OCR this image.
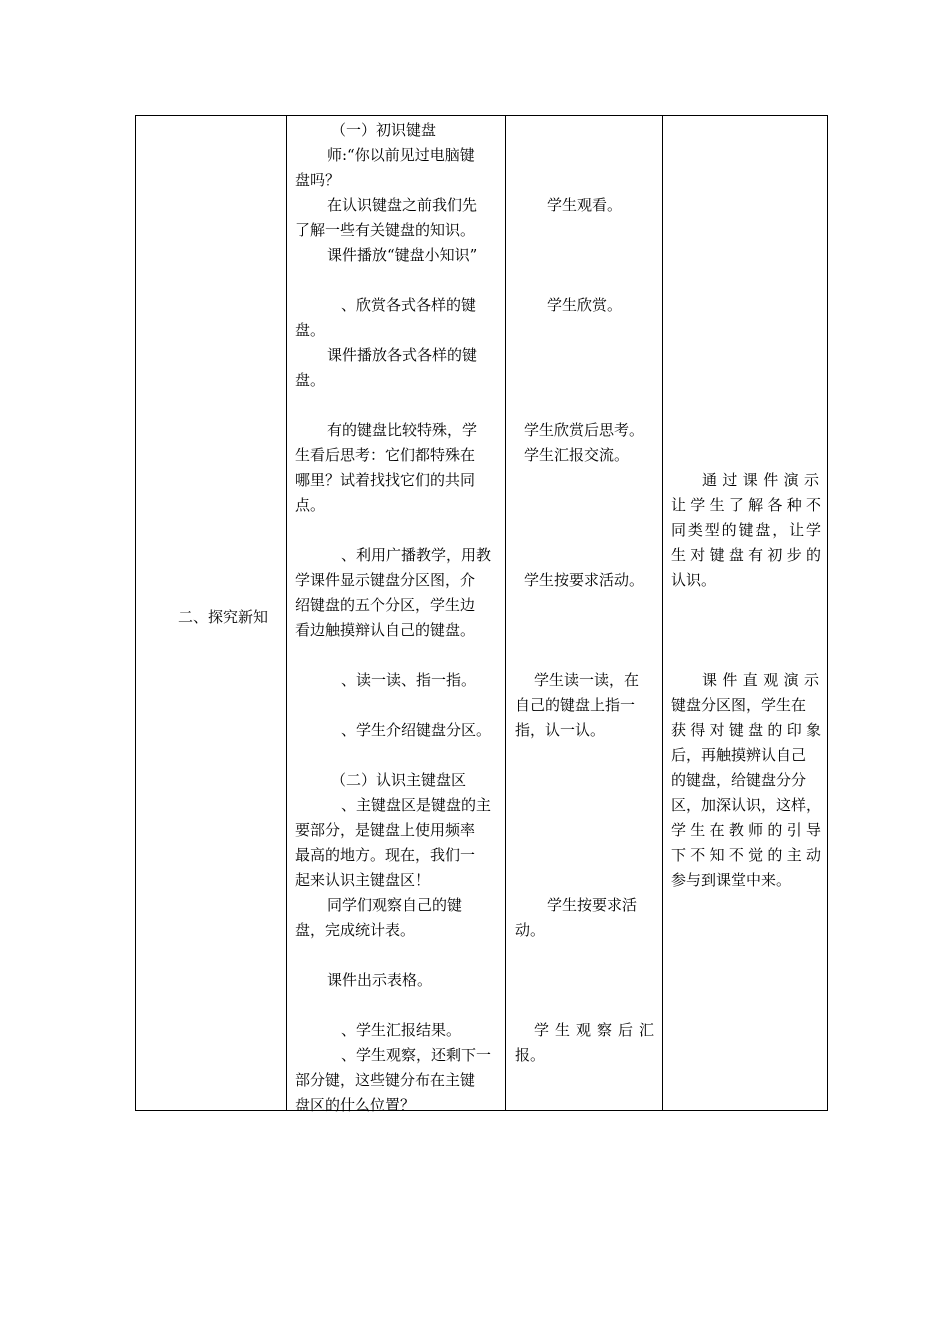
二、探究新知

（一）初识键盘

师:“你以前见过电脑键

盘吗？

在认识键盘之前我们先

了解一些有关键盘的知识。

课件播放“键盘小知识”

、欣赏各式各样的键

盘。

课件播放各式各样的键

盘。

有的键盘比较特殊，学

生看后思考：它们都特殊在

哪里？试着找找它们的共同

点。

、利用广播教学，用教

学课件显示键盘分区图，介

绍键盘的五个分区，学生边

看边触摸辩认自己的键盘。

、读一读、指一指。

、学生介绍键盘分区。

（二）认识主键盘区

、主键盘区是键盘的主

要部分，是键盘上使用频率

最高的地方。现在，我们一

起来认识主键盘区！

同学们观察自己的键

盘，完成统计表。

课件出示表格。

、学生汇报结果。

、学生观察，还剩下一

部分键，这些键分布在主键

盘区的什么位置？

学生观看。

学生欣赏。

学生欣赏后思考。

学生汇报交流。

学生按要求活动。

学生读一读，在

自己的键盘上指一

指，认一认。

学生按要求活

动。

学生观察后汇

报。

通过课件演示

让学生了解各种不

同类型的键盘，让学

生对键盘有初步的

认识。

课件直观演示

键盘分区图，学生在

获得对键盘的印象

后，再触摸辨认自己

的键盘，给键盘分分

区，加深认识，这样，

学生在教师的引导

下不知不觉的主动

参与到课堂中来。
